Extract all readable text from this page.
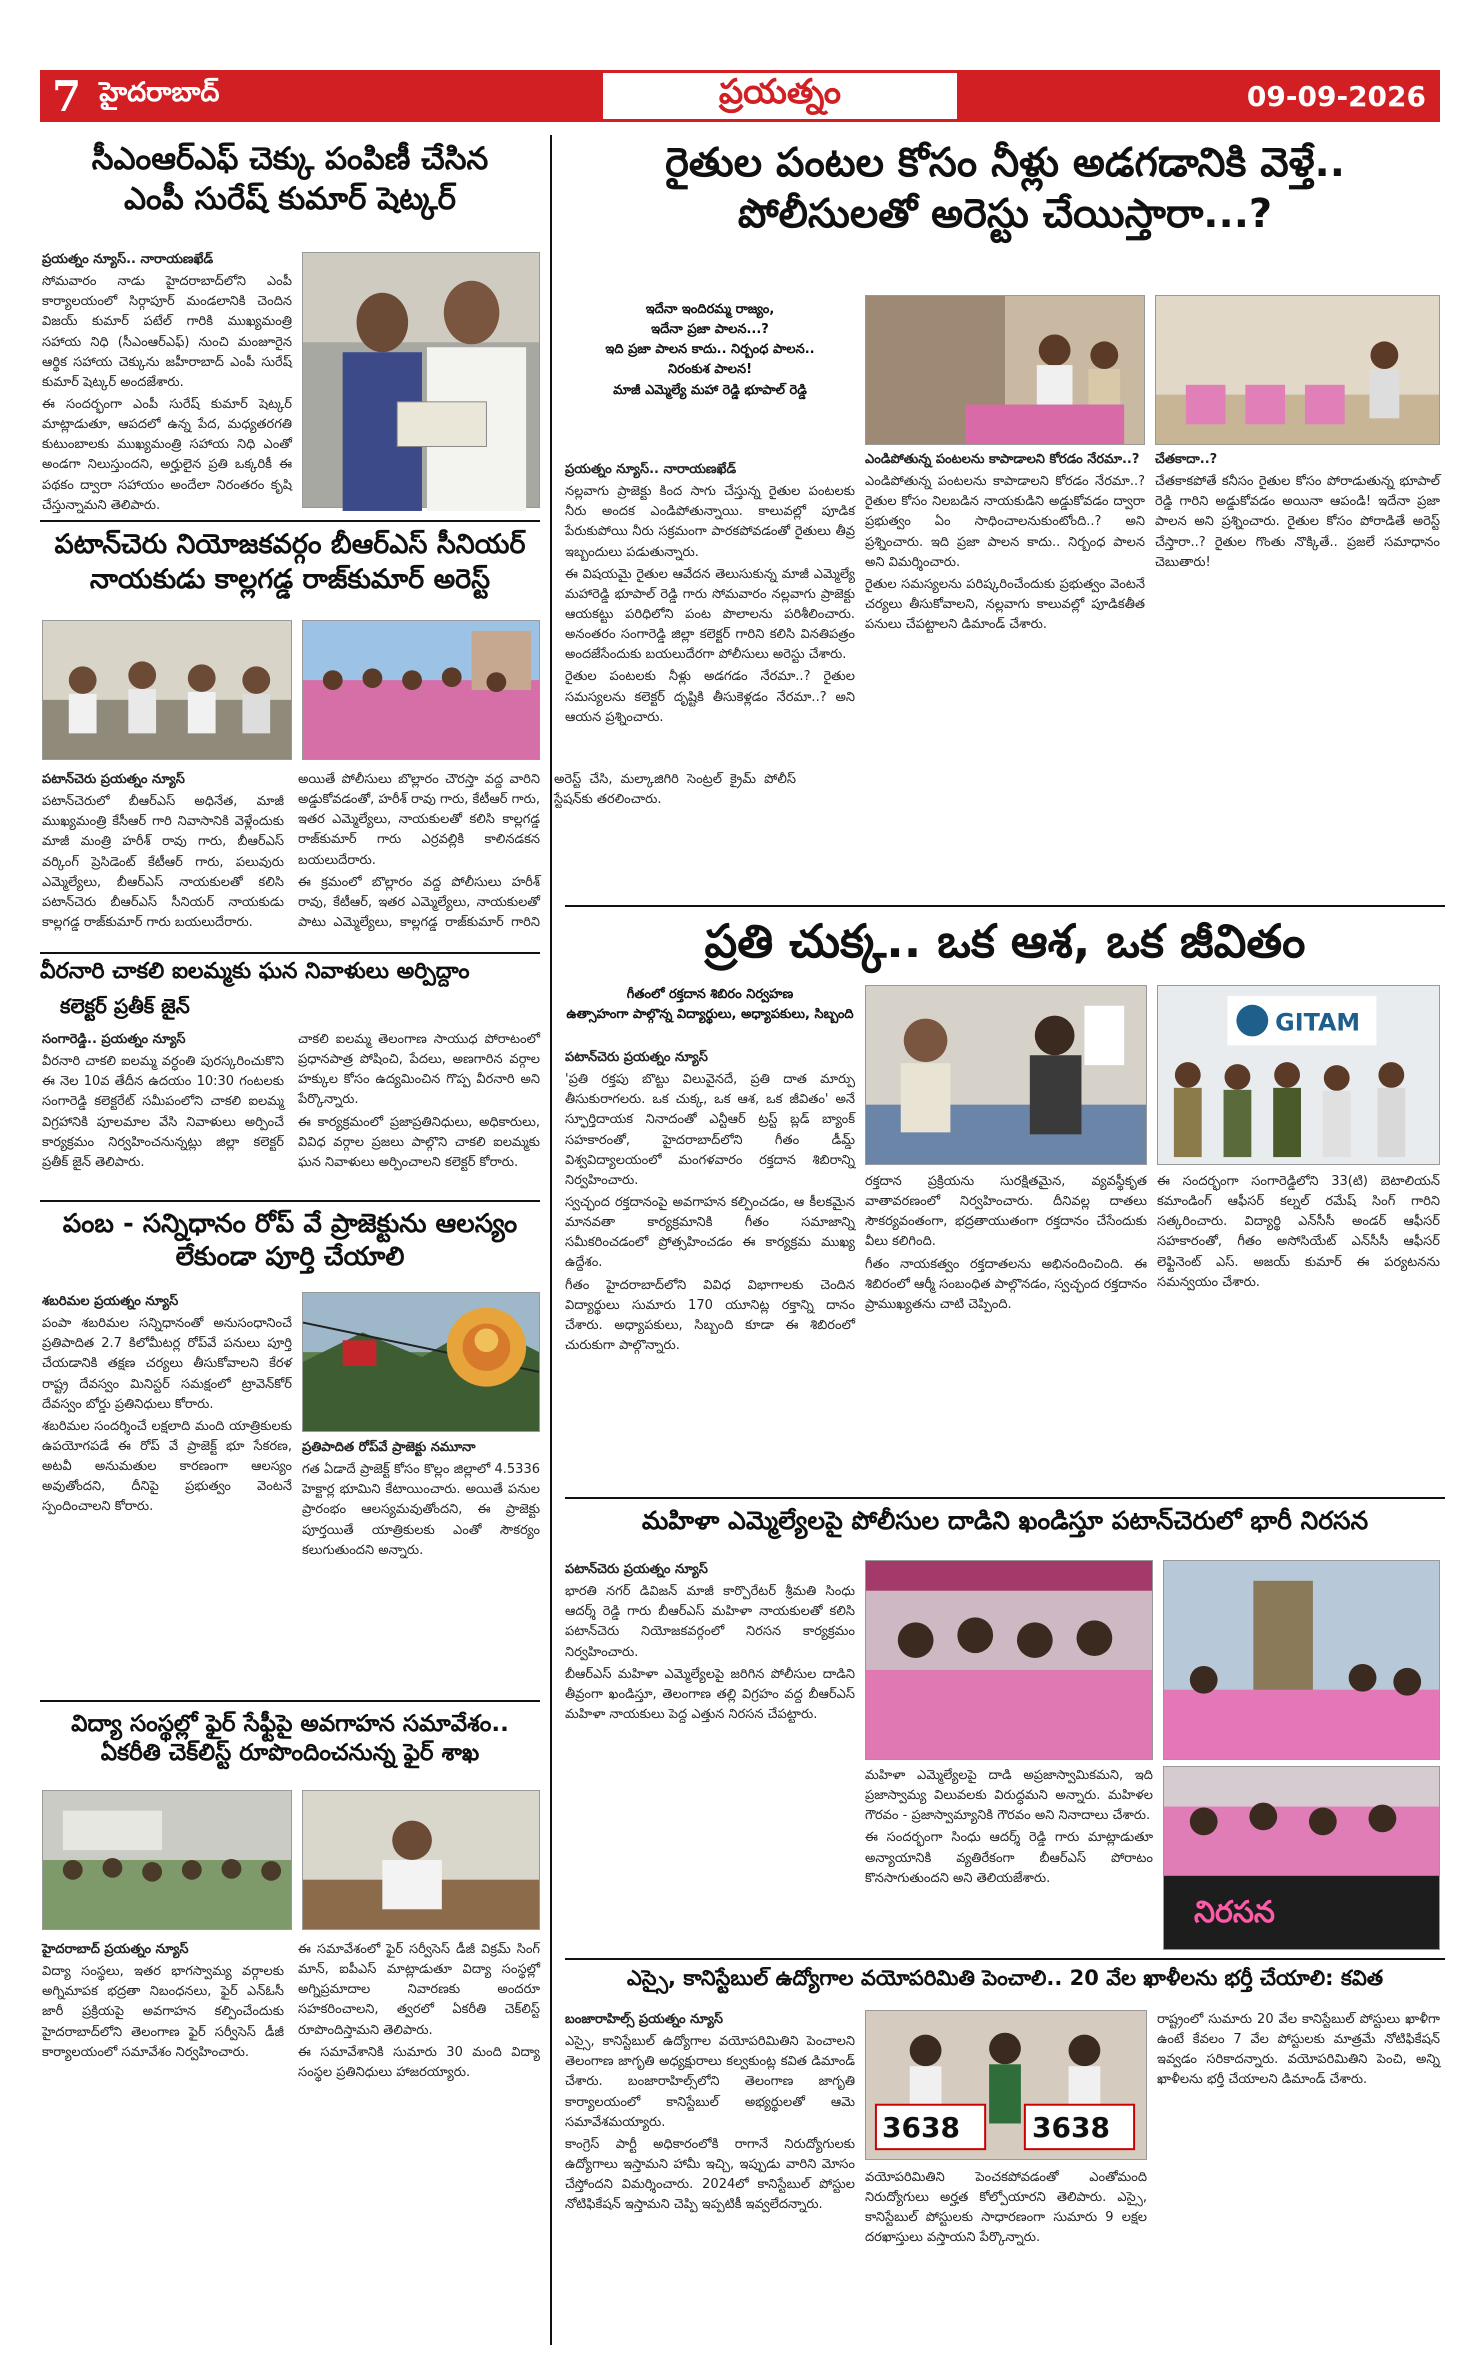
7 హైదరాబాద్	ప్రయత్నం	09-09-2026
సీఎంఆర్ఎఫ్ చెక్కు పంపిణీ చేసిన
ఎంపీ సురేష్ కుమార్ షెట్కర్

ప్రయత్నం న్యూస్.. నారాయణఖేడ్

సోమవారం నాడు హైదరాబాద్‌లోని ఎంపీ కార్యాలయంలో సిర్గాపూర్ మండలానికి చెందిన విజయ్ కుమార్ పటేల్ గారికి ముఖ్యమంత్రి సహాయ నిధి (సీఎంఆర్ఎఫ్) నుంచి మంజూరైన ఆర్థిక సహాయ చెక్కును జహీరాబాద్ ఎంపీ సురేష్ కుమార్ షెట్కర్ అందజేశారు.

ఈ సందర్భంగా ఎంపీ సురేష్ కుమార్ షెట్కర్ మాట్లాడుతూ, ఆపదలో ఉన్న పేద, మధ్యతరగతి కుటుంబాలకు ముఖ్యమంత్రి సహాయ నిధి ఎంతో అండగా నిలుస్తుందని, అర్హులైన ప్రతి ఒక్కరికీ ఈ పథకం ద్వారా సహాయం అందేలా నిరంతరం కృషి చేస్తున్నామని తెలిపారు.

పటాన్‌చెరు నియోజకవర్గం బీఆర్ఎస్ సీనియర్
నాయకుడు కాల్లగడ్డ రాజ్‌కుమార్ అరెస్ట్

పటాన్‌చెరు ప్రయత్నం న్యూస్

పటాన్‌చెరులో బీఆర్ఎస్ అధినేత, మాజీ ముఖ్యమంత్రి కేసీఆర్ గారి నివాసానికి వెళ్లేందుకు మాజీ మంత్రి హరీశ్ రావు గారు, బీఆర్ఎస్ వర్కింగ్ ప్రెసిడెంట్ కేటీఆర్ గారు, పలువురు ఎమ్మెల్యేలు, బీఆర్ఎస్ నాయకులతో కలిసి పటాన్‌చెరు బీఆర్ఎస్ సీనియర్ నాయకుడు కాల్లగడ్డ రాజ్‌కుమార్ గారు బయలుదేరారు.

అయితే పోలీసులు బొల్లారం చౌరస్తా వద్ద వారిని అడ్డుకోవడంతో, హరీశ్ రావు గారు, కేటీఆర్ గారు, ఇతర ఎమ్మెల్యేలు, నాయకులతో కలిసి కాల్లగడ్డ రాజ్‌కుమార్ గారు ఎర్రవల్లికి కాలినడకన బయలుదేరారు.

ఈ క్రమంలో బొల్లారం వద్ద పోలీసులు హరీశ్ రావు, కేటీఆర్, ఇతర ఎమ్మెల్యేలు, నాయకులతో పాటు ఎమ్మెల్యేలు, కాల్లగడ్డ రాజ్‌కుమార్ గారిని అరెస్ట్ చేసి, మల్కాజిగిరి సెంట్రల్ క్రైమ్ పోలీస్ స్టేషన్‌కు తరలించారు.

వీరనారి చాకలి ఐలమ్మకు ఘన నివాళులు అర్పిద్దాం
కలెక్టర్ ప్రతీక్ జైన్

సంగారెడ్డి.. ప్రయత్నం న్యూస్

వీరనారి చాకలి ఐలమ్మ వర్ధంతి పురస్కరించుకొని ఈ నెల 10వ తేదీన ఉదయం 10:30 గంటలకు సంగారెడ్డి కలెక్టరేట్ సమీపంలోని చాకలి ఐలమ్మ విగ్రహానికి పూలమాల వేసి నివాళులు అర్పించే కార్యక్రమం నిర్వహించనున్నట్లు జిల్లా కలెక్టర్ ప్రతీక్ జైన్ తెలిపారు.

చాకలి ఐలమ్మ తెలంగాణ సాయుధ పోరాటంలో ప్రధానపాత్ర పోషించి, పేదలు, అణగారిన వర్గాల హక్కుల కోసం ఉద్యమించిన గొప్ప వీరనారి అని పేర్కొన్నారు.

ఈ కార్యక్రమంలో ప్రజాప్రతినిధులు, అధికారులు, వివిధ వర్గాల ప్రజలు పాల్గొని చాకలి ఐలమ్మకు ఘన నివాళులు అర్పించాలని కలెక్టర్ కోరారు.

పంబ - సన్నిధానం రోప్ వే ప్రాజెక్టును ఆలస్యం
లేకుండా పూర్తి చేయాలి

శబరిమల ప్రయత్నం న్యూస్

పంపా శబరిమల సన్నిధానంతో అనుసంధానించే ప్రతిపాదిత 2.7 కిలోమీటర్ల రోప్‌వే పనులు పూర్తి చేయడానికి తక్షణ చర్యలు తీసుకోవాలని కేరళ రాష్ట్ర దేవస్వం మినిస్టర్ సమక్షంలో ట్రావెన్‌కోర్ దేవస్వం బోర్డు ప్రతినిధులు కోరారు.

శబరిమల సందర్శించే లక్షలాది మంది యాత్రికులకు ఉపయోగపడే ఈ రోప్ వే ప్రాజెక్ట్ భూ సేకరణ, అటవీ అనుమతుల కారణంగా ఆలస్యం అవుతోందని, దీనిపై ప్రభుత్వం వెంటనే స్పందించాలని కోరారు.

ప్రతిపాదిత రోప్‌వే ప్రాజెక్టు నమూనా

గత ఏడాదే ప్రాజెక్ట్ కోసం కొల్లం జిల్లాలో 4.5336 హెక్టార్ల భూమిని కేటాయించారు. అయితే పనుల ప్రారంభం ఆలస్యమవుతోందని, ఈ ప్రాజెక్టు పూర్తయితే యాత్రికులకు ఎంతో సౌకర్యం కలుగుతుందని అన్నారు.

విద్యా సంస్థల్లో ఫైర్ సేఫ్టీపై అవగాహన సమావేశం..
ఏకరీతి చెక్‌లిస్ట్ రూపొందించనున్న ఫైర్ శాఖ

హైదరాబాద్ ప్రయత్నం న్యూస్

విద్యా సంస్థలు, ఇతర భాగస్వామ్య వర్గాలకు అగ్నిమాపక భద్రతా నిబంధనలు, ఫైర్ ఎన్‌ఓసీ జారీ ప్రక్రియపై అవగాహన కల్పించేందుకు హైదరాబాద్‌లోని తెలంగాణ ఫైర్ సర్వీసెస్ డీజీ కార్యాలయంలో సమావేశం నిర్వహించారు.

ఈ సమావేశంలో ఫైర్ సర్వీసెస్ డీజీ విక్రమ్ సింగ్ మాన్, ఐపీఎస్ మాట్లాడుతూ విద్యా సంస్థల్లో అగ్నిప్రమాదాల నివారణకు అందరూ సహకరించాలని, త్వరలో ఏకరీతి చెక్‌లిస్ట్ రూపొందిస్తామని తెలిపారు.

ఈ సమావేశానికి సుమారు 30 మంది విద్యా సంస్థల ప్రతినిధులు హాజరయ్యారు.

రైతుల పంటల కోసం నీళ్లు అడగడానికి వెళ్తే..
పోలీసులతో అరెస్టు చేయిస్తారా...?
ఇదేనా ఇందిరమ్మ రాజ్యం,
ఇదేనా ప్రజా పాలన...?
ఇది ప్రజా పాలన కాదు.. నిర్బంధ పాలన..
నిరంకుశ పాలన!
మాజీ ఎమ్మెల్యే మహా రెడ్డి భూపాల్ రెడ్డి

ప్రయత్నం న్యూస్.. నారాయణఖేడ్

నల్లవాగు ప్రాజెక్టు కింద సాగు చేస్తున్న రైతుల పంటలకు నీరు అందక ఎండిపోతున్నాయి. కాలువల్లో పూడిక పేరుకుపోయి నీరు సక్రమంగా పారకపోవడంతో రైతులు తీవ్ర ఇబ్బందులు పడుతున్నారు.

ఈ విషయమై రైతుల ఆవేదన తెలుసుకున్న మాజీ ఎమ్మెల్యే మహారెడ్డి భూపాల్ రెడ్డి గారు సోమవారం నల్లవాగు ప్రాజెక్టు ఆయకట్టు పరిధిలోని పంట పొలాలను పరిశీలించారు. అనంతరం సంగారెడ్డి జిల్లా కలెక్టర్ గారిని కలిసి వినతిపత్రం అందజేసేందుకు బయలుదేరగా పోలీసులు అరెస్టు చేశారు.

రైతుల పంటలకు నీళ్లు అడగడం నేరమా..? రైతుల సమస్యలను కలెక్టర్ దృష్టికి తీసుకెళ్లడం నేరమా..? అని ఆయన ప్రశ్నించారు.

ఎండిపోతున్న పంటలను కాపాడాలని కోరడం నేరమా..?

ఎండిపోతున్న పంటలను కాపాడాలని కోరడం నేరమా..? రైతుల కోసం నిలబడిన నాయకుడిని అడ్డుకోవడం ద్వారా ప్రభుత్వం ఏం సాధించాలనుకుంటోంది..? అని ప్రశ్నించారు. ఇది ప్రజా పాలన కాదు.. నిర్బంధ పాలన అని విమర్శించారు.

రైతుల సమస్యలను పరిష్కరించేందుకు ప్రభుత్వం వెంటనే చర్యలు తీసుకోవాలని, నల్లవాగు కాలువల్లో పూడికతీత పనులు చేపట్టాలని డిమాండ్ చేశారు.

చేతకాదా..?

చేతకాకపోతే కనీసం రైతుల కోసం పోరాడుతున్న భూపాల్ రెడ్డి గారిని అడ్డుకోవడం అయినా ఆపండి! ఇదేనా ప్రజా పాలన అని ప్రశ్నించారు. రైతుల కోసం పోరాడితే అరెస్ట్ చేస్తారా..? రైతుల గొంతు నొక్కితే.. ప్రజలే సమాధానం చెబుతారు!

ప్రతి చుక్క.. ఒక ఆశ, ఒక జీవితం
గీతంలో రక్తదాన శిబిరం నిర్వహణ
ఉత్సాహంగా పాల్గొన్న విద్యార్థులు, అధ్యాపకులు, సిబ్బంది

పటాన్‌చెరు ప్రయత్నం న్యూస్

'ప్రతి రక్తపు బొట్టు విలువైనదే, ప్రతి దాత మార్పు తీసుకురాగలరు. ఒక చుక్క, ఒక ఆశ, ఒక జీవితం' అనే స్ఫూర్తిదాయక నినాదంతో ఎన్టీఆర్ ట్రస్ట్ బ్లడ్ బ్యాంక్ సహకారంతో, హైదరాబాద్‌లోని గీతం డీమ్డ్ విశ్వవిద్యాలయంలో మంగళవారం రక్తదాన శిబిరాన్ని నిర్వహించారు.

స్వచ్ఛంద రక్తదానంపై అవగాహన కల్పించడం, ఆ కీలకమైన మానవతా కార్యక్రమానికి గీతం సమాజాన్ని సమీకరించడంలో ప్రోత్సహించడం ఈ కార్యక్రమ ముఖ్య ఉద్దేశం.

గీతం హైదరాబాద్‌లోని వివిధ విభాగాలకు చెందిన విద్యార్థులు సుమారు 170 యూనిట్ల రక్తాన్ని దానం చేశారు. అధ్యాపకులు, సిబ్బంది కూడా ఈ శిబిరంలో చురుకుగా పాల్గొన్నారు.

GITAM

రక్తదాన ప్రక్రియను సురక్షితమైన, వ్యవస్థీకృత వాతావరణంలో నిర్వహించారు. దీనివల్ల దాతలు సౌకర్యవంతంగా, భద్రతాయుతంగా రక్తదానం చేసేందుకు వీలు కలిగింది.

గీతం నాయకత్వం రక్తదాతలను అభినందించింది. ఈ శిబిరంలో ఆర్మీ సంబంధిత పాల్గొనడం, స్వచ్ఛంద రక్తదానం ప్రాముఖ్యతను చాటి చెప్పింది.

ఈ సందర్భంగా సంగారెడ్డిలోని 33(టి) బెటాలియన్ కమాండింగ్ ఆఫీసర్ కల్నల్ రమేష్ సింగ్ గారిని సత్కరించారు. విద్యార్థి ఎన్‌సీసీ అండర్ ఆఫీసర్ సహకారంతో, గీతం అసోసియేట్ ఎన్‌సీసీ ఆఫీసర్ లెఫ్టినెంట్ ఎస్. అజయ్ కుమార్ ఈ పర్యటనను సమన్వయం చేశారు.

మహిళా ఎమ్మెల్యేలపై పోలీసుల దాడిని ఖండిస్తూ పటాన్‌చెరులో భారీ నిరసన

పటాన్‌చెరు ప్రయత్నం న్యూస్

భారతి నగర్ డివిజన్ మాజీ కార్పొరేటర్ శ్రీమతి సింధు ఆదర్శ్ రెడ్డి గారు బీఆర్ఎస్ మహిళా నాయకులతో కలిసి పటాన్‌చెరు నియోజకవర్గంలో నిరసన కార్యక్రమం నిర్వహించారు.

బీఆర్ఎస్ మహిళా ఎమ్మెల్యేలపై జరిగిన పోలీసుల దాడిని తీవ్రంగా ఖండిస్తూ, తెలంగాణ తల్లి విగ్రహం వద్ద బీఆర్ఎస్ మహిళా నాయకులు పెద్ద ఎత్తున నిరసన చేపట్టారు.

నిరసన

మహిళా ఎమ్మెల్యేలపై దాడి అప్రజాస్వామికమని, ఇది ప్రజాస్వామ్య విలువలకు విరుద్ధమని అన్నారు. మహిళల గౌరవం - ప్రజాస్వామ్యానికి గౌరవం అని నినాదాలు చేశారు.

ఈ సందర్భంగా సింధు ఆదర్శ్ రెడ్డి గారు మాట్లాడుతూ అన్యాయానికి వ్యతిరేకంగా బీఆర్ఎస్ పోరాటం కొనసాగుతుందని అని తెలియజేశారు.

ఎస్సై, కానిస్టేబుల్ ఉద్యోగాల వయోపరిమితి పెంచాలి.. 20 వేల ఖాళీలను భర్తీ చేయాలి: కవిత

బంజారాహిల్స్ ప్రయత్నం న్యూస్

ఎస్సై, కానిస్టేబుల్ ఉద్యోగాల వయోపరిమితిని పెంచాలని తెలంగాణ జాగృతి అధ్యక్షురాలు కల్వకుంట్ల కవిత డిమాండ్ చేశారు. బంజారాహిల్స్‌లోని తెలంగాణ జాగృతి కార్యాలయంలో కానిస్టేబుల్ అభ్యర్థులతో ఆమె సమావేశమయ్యారు.

కాంగ్రెస్ పార్టీ అధికారంలోకి రాగానే నిరుద్యోగులకు ఉద్యోగాలు ఇస్తామని హామీ ఇచ్చి, ఇప్పుడు వారిని మోసం చేస్తోందని విమర్శించారు. 2024లో కానిస్టేబుల్ పోస్టుల నోటిఫికేషన్ ఇస్తామని చెప్పి ఇప్పటికీ ఇవ్వలేదన్నారు.

3638	3638

వయోపరిమితిని పెంచకపోవడంతో ఎంతోమంది నిరుద్యోగులు అర్హత కోల్పోయారని తెలిపారు. ఎస్సై, కానిస్టేబుల్ పోస్టులకు సాధారణంగా సుమారు 9 లక్షల దరఖాస్తులు వస్తాయని పేర్కొన్నారు.

రాష్ట్రంలో సుమారు 20 వేల కానిస్టేబుల్ పోస్టులు ఖాళీగా ఉంటే కేవలం 7 వేల పోస్టులకు మాత్రమే నోటిఫికేషన్ ఇవ్వడం సరికాదన్నారు. వయోపరిమితిని పెంచి, అన్ని ఖాళీలను భర్తీ చేయాలని డిమాండ్ చేశారు.
